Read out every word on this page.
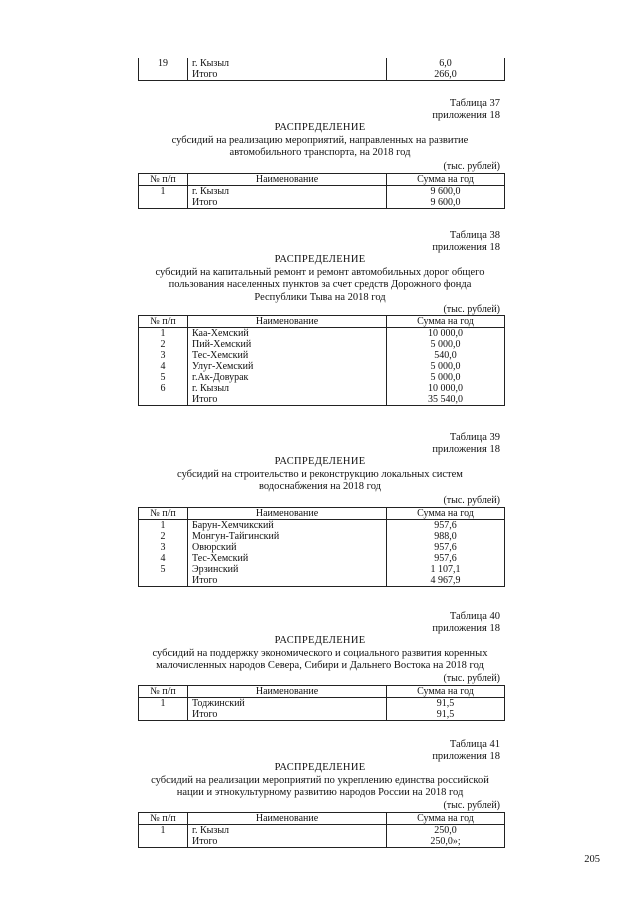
19	г. Кызыл	6,0
	Итого	266,0
Таблица 37
приложения 18
РАСПРЕДЕЛЕНИЕ
субсидий на реализацию мероприятий, направленных на развитие
автомобильного транспорта, на 2018 год
(тыс. рублей)
№ п/п	Наименование	Сумма на год
1	г. Кызыл	9 600,0
	Итого	9 600,0
Таблица 38
приложения 18
РАСПРЕДЕЛЕНИЕ
субсидий на капитальный ремонт и ремонт автомобильных дорог общего
пользования населенных пунктов за счет средств Дорожного фонда
Республики Тыва на 2018 год
(тыс. рублей)
№ п/п	Наименование	Сумма на год
1	Каа-Хемский	10 000,0
2	Пий-Хемский	5 000,0
3	Тес-Хемский	540,0
4	Улуг-Хемский	5 000,0
5	г.Ак-Довурак	5 000,0
6	г. Кызыл	10 000,0
	Итого	35 540,0
Таблица 39
приложения 18
РАСПРЕДЕЛЕНИЕ
субсидий на строительство и реконструкцию локальных систем
водоснабжения на 2018 год
(тыс. рублей)
№ п/п	Наименование	Сумма на год
1	Барун-Хемчикский	957,6
2	Монгун-Тайгинский	988,0
3	Овюрский	957,6
4	Тес-Хемский	957,6
5	Эрзинский	1 107,1
	Итого	4 967,9
Таблица 40
приложения 18
РАСПРЕДЕЛЕНИЕ
субсидий на поддержку экономического и социального развития коренных
малочисленных народов Севера, Сибири и Дальнего Востока на 2018 год
(тыс. рублей)
№ п/п	Наименование	Сумма на год
1	Тоджинский	91,5
	Итого	91,5
Таблица 41
приложения 18
РАСПРЕДЕЛЕНИЕ
субсидий на реализации мероприятий по укреплению единства российской
нации и этнокультурному развитию народов России на 2018 год
(тыс. рублей)
№ п/п	Наименование	Сумма на год
1	г. Кызыл	250,0
	Итого	250,0»;
205
